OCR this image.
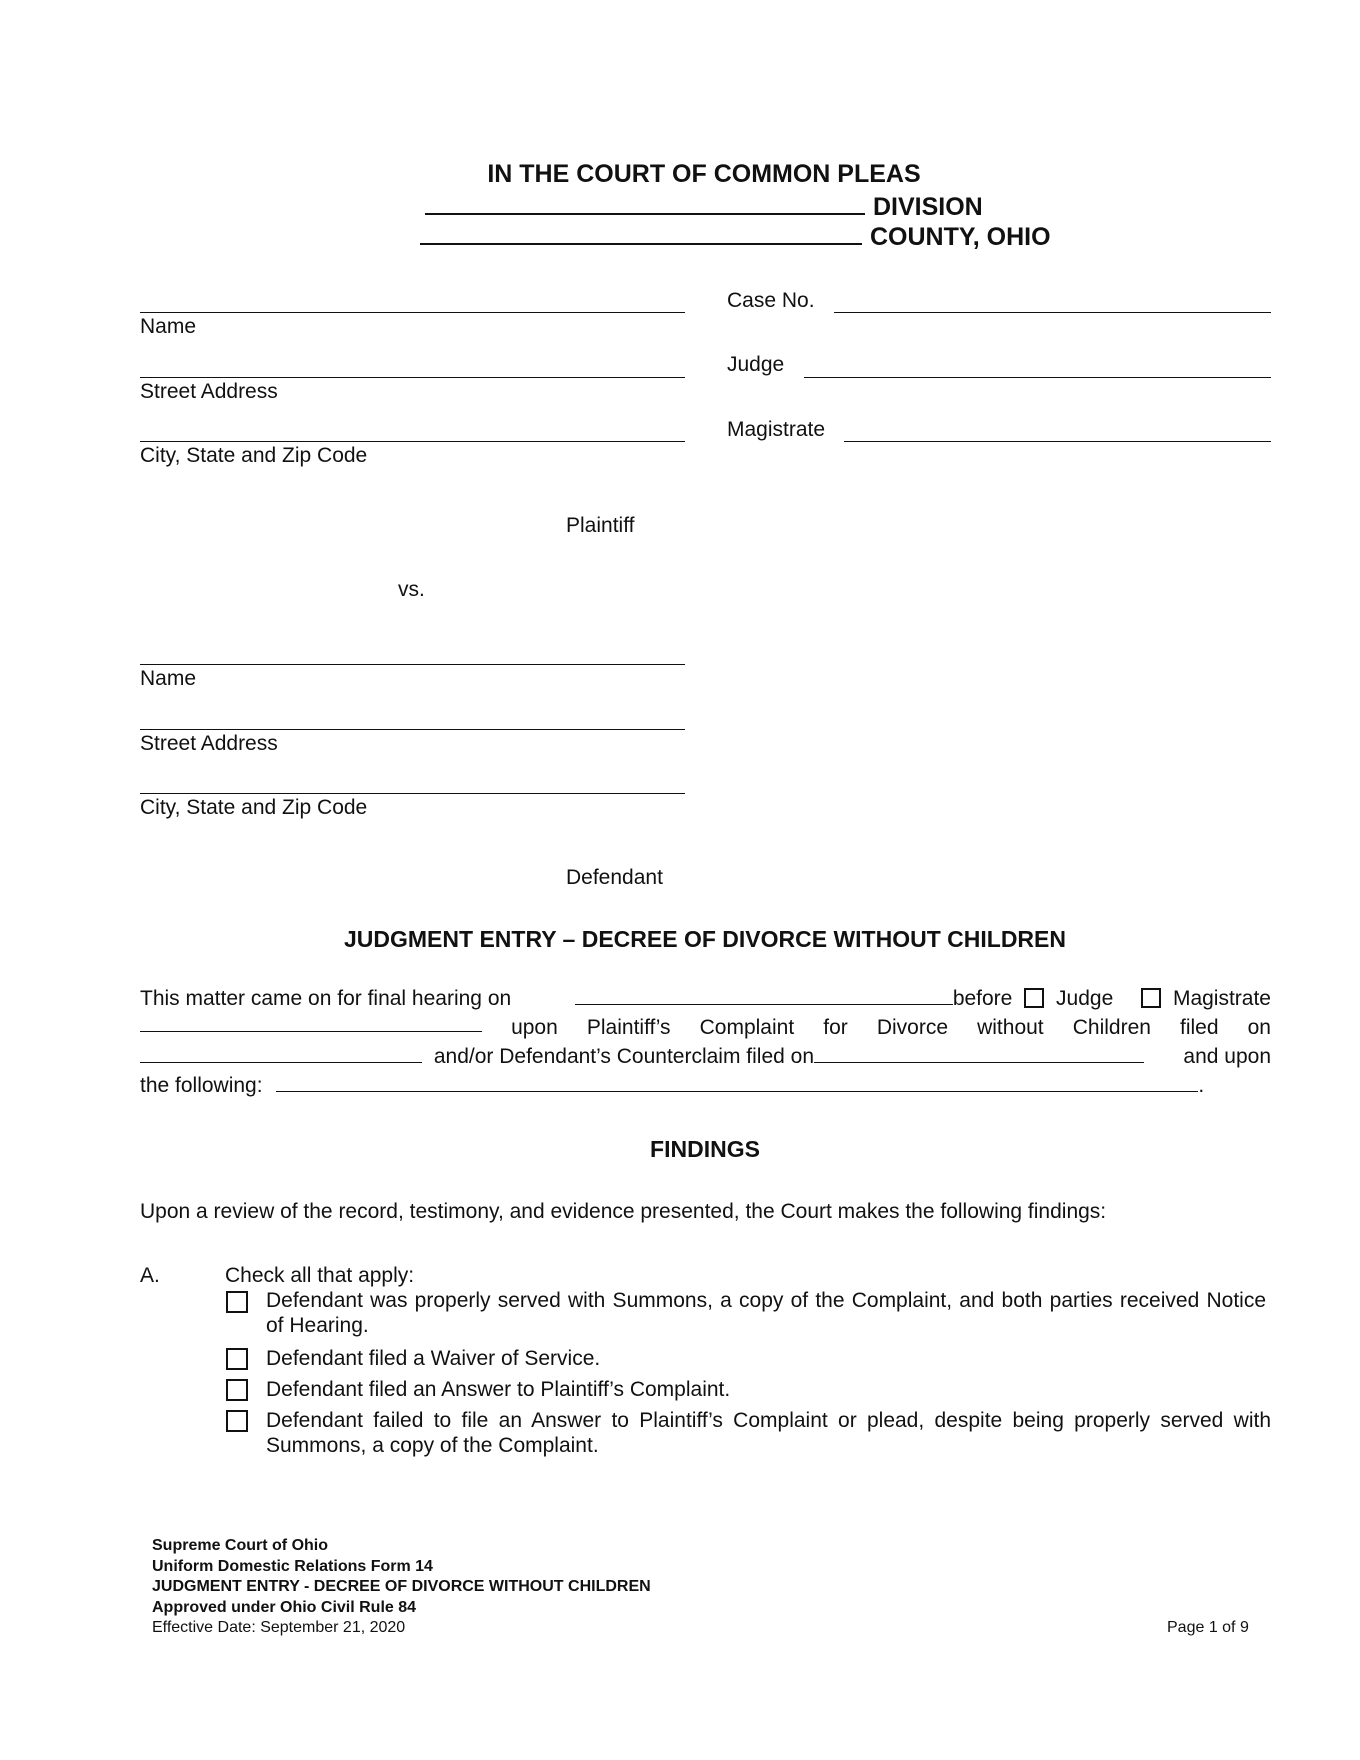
IN THE COURT OF COMMON PLEAS
DIVISION
COUNTY, OHIO
Name
Street Address
City, State and Zip Code
Plaintiff
vs.
Name
Street Address
City, State and Zip Code
Defendant
Case No.
Judge
Magistrate
JUDGMENT ENTRY – DECREE OF DIVORCE WITHOUT CHILDREN
This matter came on for final hearing on	before Judge	Magistrate
upon Plaintiff’s Complaint for Divorce without Children filed on
and/or Defendant’s Counterclaim filed on	and upon
the following:	.
FINDINGS
Upon a review of the record, testimony, and evidence presented, the Court makes the following findings:
A.	Check all that apply:
Defendant was properly served with Summons, a copy of the Complaint, and both parties received Notice of Hearing.
Defendant filed a Waiver of Service.
Defendant filed an Answer to Plaintiff’s Complaint.
Defendant failed to file an Answer to Plaintiff’s Complaint or plead, despite being properly served with Summons, a copy of the Complaint.
Supreme Court of Ohio
Uniform Domestic Relations Form 14
JUDGMENT ENTRY - DECREE OF DIVORCE WITHOUT CHILDREN
Approved under Ohio Civil Rule 84
Effective Date: September 21, 2020	Page 1 of 9
